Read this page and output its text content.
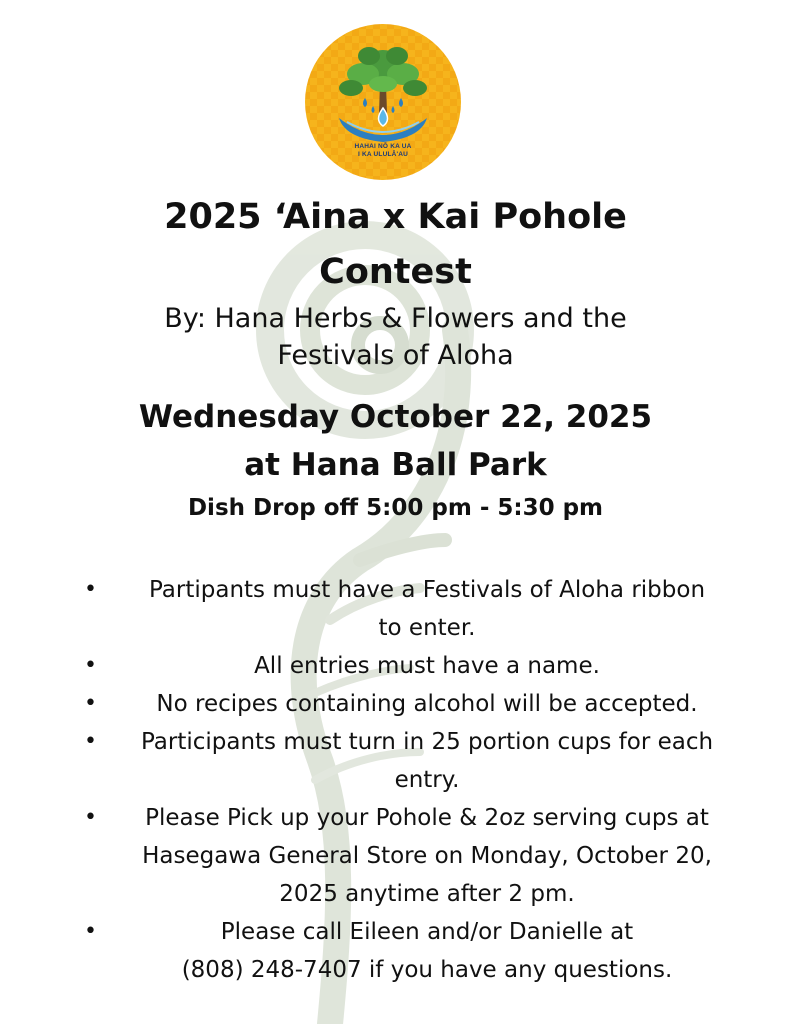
HAHAI NŌ KA UA
I KA ULULĀ'AU
2025 ‘Aina x Kai Pohole
Contest
By: Hana Herbs & Flowers and the
Festivals of Aloha
Wednesday October 22, 2025
at Hana Ball Park
Dish Drop off 5:00 pm - 5:30 pm
•	Partipants must have a Festivals of Aloha ribbon
to enter.
•	All entries must have a name.
•	No recipes containing alcohol will be accepted.
•	Participants must turn in 25 portion cups for each
entry.
•	Please Pick up your Pohole & 2oz serving cups at
Hasegawa General Store on Monday, October 20,
2025 anytime after 2 pm.
•	Please call Eileen and/or Danielle at
(808) 248-7407 if you have any questions.
